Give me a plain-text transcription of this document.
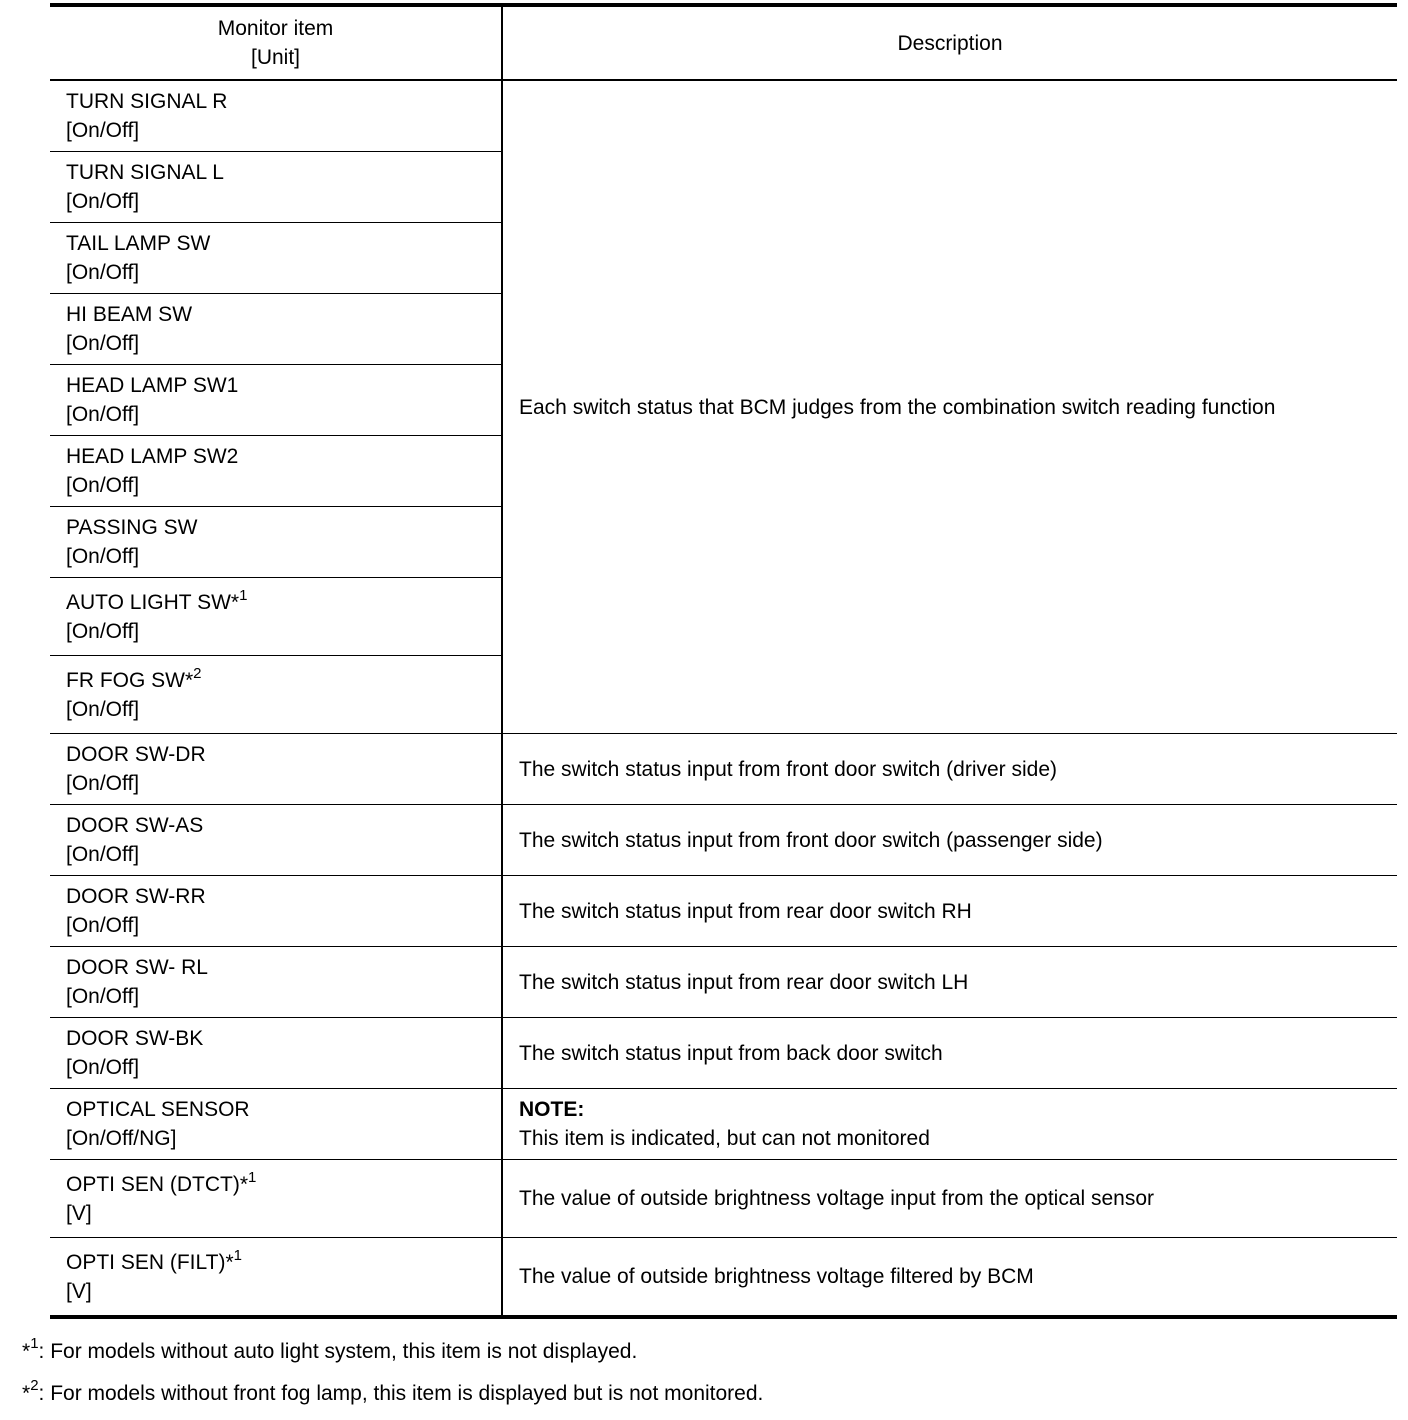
Monitor item
[Unit]	Description

TURN SIGNAL R
[On/Off]	Each switch status that BCM judges from the combination switch reading function

TURN SIGNAL L
[On/Off]	

TAIL LAMP SW
[On/Off]	

HI BEAM SW
[On/Off]	

HEAD LAMP SW1
[On/Off]	

HEAD LAMP SW2
[On/Off]	

PASSING SW
[On/Off]	

AUTO LIGHT SW*$^1$
[On/Off]	

FR FOG SW*$^2$
[On/Off]	

DOOR SW-DR
[On/Off]	The switch status input from front door switch (driver side)

DOOR SW-AS
[On/Off]	The switch status input from front door switch (passenger side)

DOOR SW-RR
[On/Off]	The switch status input from rear door switch RH

DOOR SW- RL
[On/Off]	The switch status input from rear door switch LH

DOOR SW-BK
[On/Off]	The switch status input from back door switch

OPTICAL SENSOR
[On/Off/NG]	NOTE:
This item is indicated, but can not monitored

OPTI SEN (DTCT)*$^1$
[V]	The value of outside brightness voltage input from the optical sensor

OPTI SEN (FILT)*$^1$
[V]	The value of outside brightness voltage filtered by BCM
*$^1$: For models without auto light system, this item is not displayed.
*$^2$: For models without front fog lamp, this item is displayed but is not monitored.
